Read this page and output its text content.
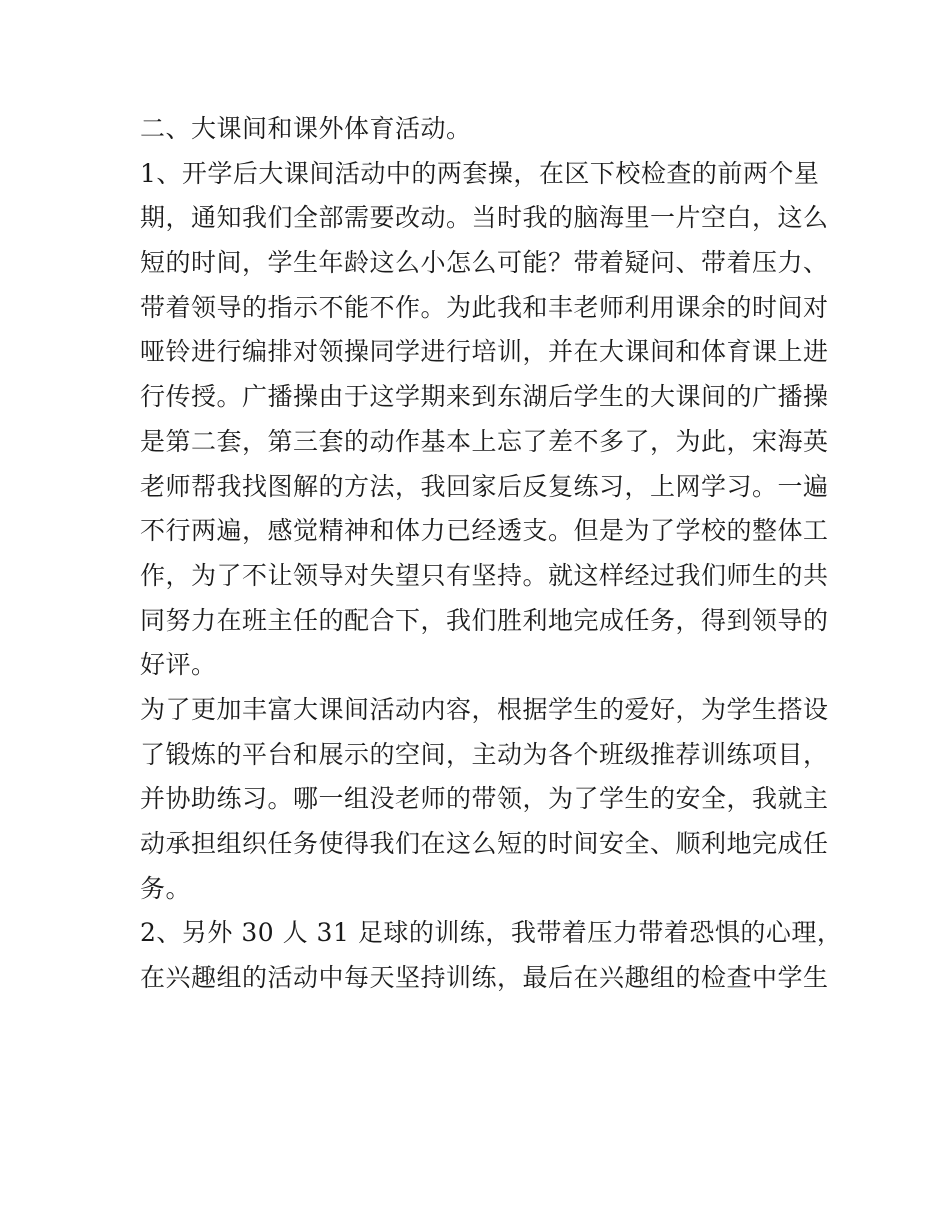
二、大课间和课外体育活动。
1、开学后大课间活动中的两套操，在区下校检查的前两个星
期，通知我们全部需要改动。当时我的脑海里一片空白，这么
短的时间，学生年龄这么小怎么可能？带着疑问、带着压力、
带着领导的指示不能不作。为此我和丰老师利用课余的时间对
哑铃进行编排对领操同学进行培训，并在大课间和体育课上进
行传授。广播操由于这学期来到东湖后学生的大课间的广播操
是第二套，第三套的动作基本上忘了差不多了，为此，宋海英
老师帮我找图解的方法，我回家后反复练习，上网学习。一遍
不行两遍，感觉精神和体力已经透支。但是为了学校的整体工
作，为了不让领导对失望只有坚持。就这样经过我们师生的共
同努力在班主任的配合下，我们胜利地完成任务，得到领导的
好评。
为了更加丰富大课间活动内容，根据学生的爱好，为学生搭设
了锻炼的平台和展示的空间，主动为各个班级推荐训练项目，
并协助练习。哪一组没老师的带领，为了学生的安全，我就主
动承担组织任务使得我们在这么短的时间安全、顺利地完成任
务。
2、另外 30 人 31 足球的训练，我带着压力带着恐惧的心理，
在兴趣组的活动中每天坚持训练，最后在兴趣组的检查中学生
